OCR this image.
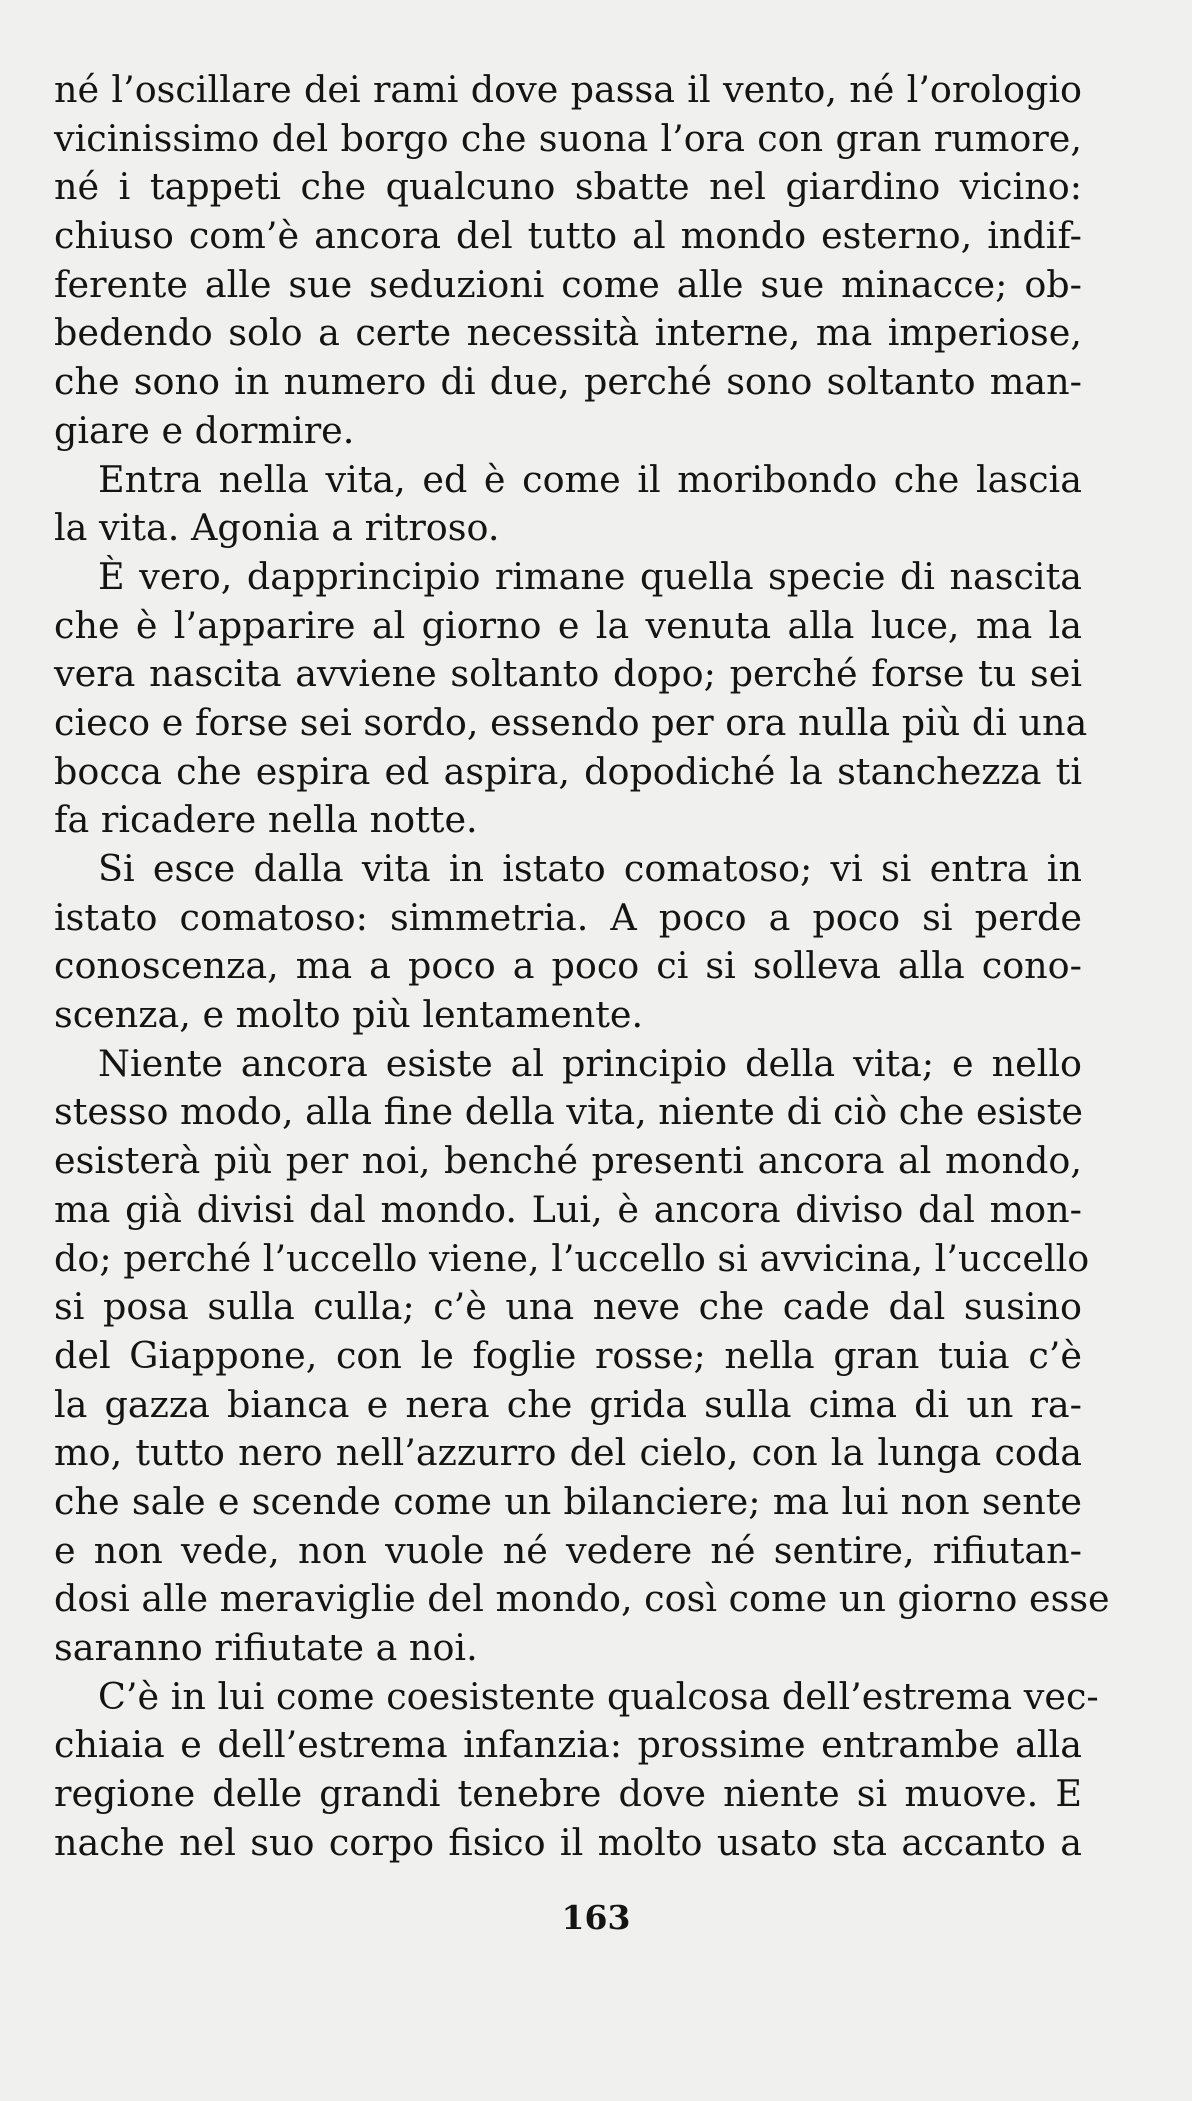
né l’oscillare dei rami dove passa il vento, né l’orologio
vicinissimo del borgo che suona l’ora con gran rumore,
né i tappeti che qualcuno sbatte nel giardino vicino:
chiuso com’è ancora del tutto al mondo esterno, indif-
ferente alle sue seduzioni come alle sue minacce; ob-
bedendo solo a certe necessità interne, ma imperiose,
che sono in numero di due, perché sono soltanto man-
giare e dormire.
Entra nella vita, ed è come il moribondo che lascia
la vita. Agonia a ritroso.
È vero, dapprincipio rimane quella specie di nascita
che è l’apparire al giorno e la venuta alla luce, ma la
vera nascita avviene soltanto dopo; perché forse tu sei
cieco e forse sei sordo, essendo per ora nulla più di una
bocca che espira ed aspira, dopodiché la stanchezza ti
fa ricadere nella notte.
Si esce dalla vita in istato comatoso; vi si entra in
istato comatoso: simmetria. A poco a poco si perde
conoscenza, ma a poco a poco ci si solleva alla cono-
scenza, e molto più lentamente.
Niente ancora esiste al principio della vita; e nello
stesso modo, alla fine della vita, niente di ciò che esiste
esisterà più per noi, benché presenti ancora al mondo,
ma già divisi dal mondo. Lui, è ancora diviso dal mon-
do; perché l’uccello viene, l’uccello si avvicina, l’uccello
si posa sulla culla; c’è una neve che cade dal susino
del Giappone, con le foglie rosse; nella gran tuia c’è
la gazza bianca e nera che grida sulla cima di un ra-
mo, tutto nero nell’azzurro del cielo, con la lunga coda
che sale e scende come un bilanciere; ma lui non sente
e non vede, non vuole né vedere né sentire, rifiutan-
dosi alle meraviglie del mondo, così come un giorno esse
saranno rifiutate a noi.
C’è in lui come coesistente qualcosa dell’estrema vec-
chiaia e dell’estrema infanzia: prossime entrambe alla
regione delle grandi tenebre dove niente si muove. E
nache nel suo corpo fisico il molto usato sta accanto a
163
